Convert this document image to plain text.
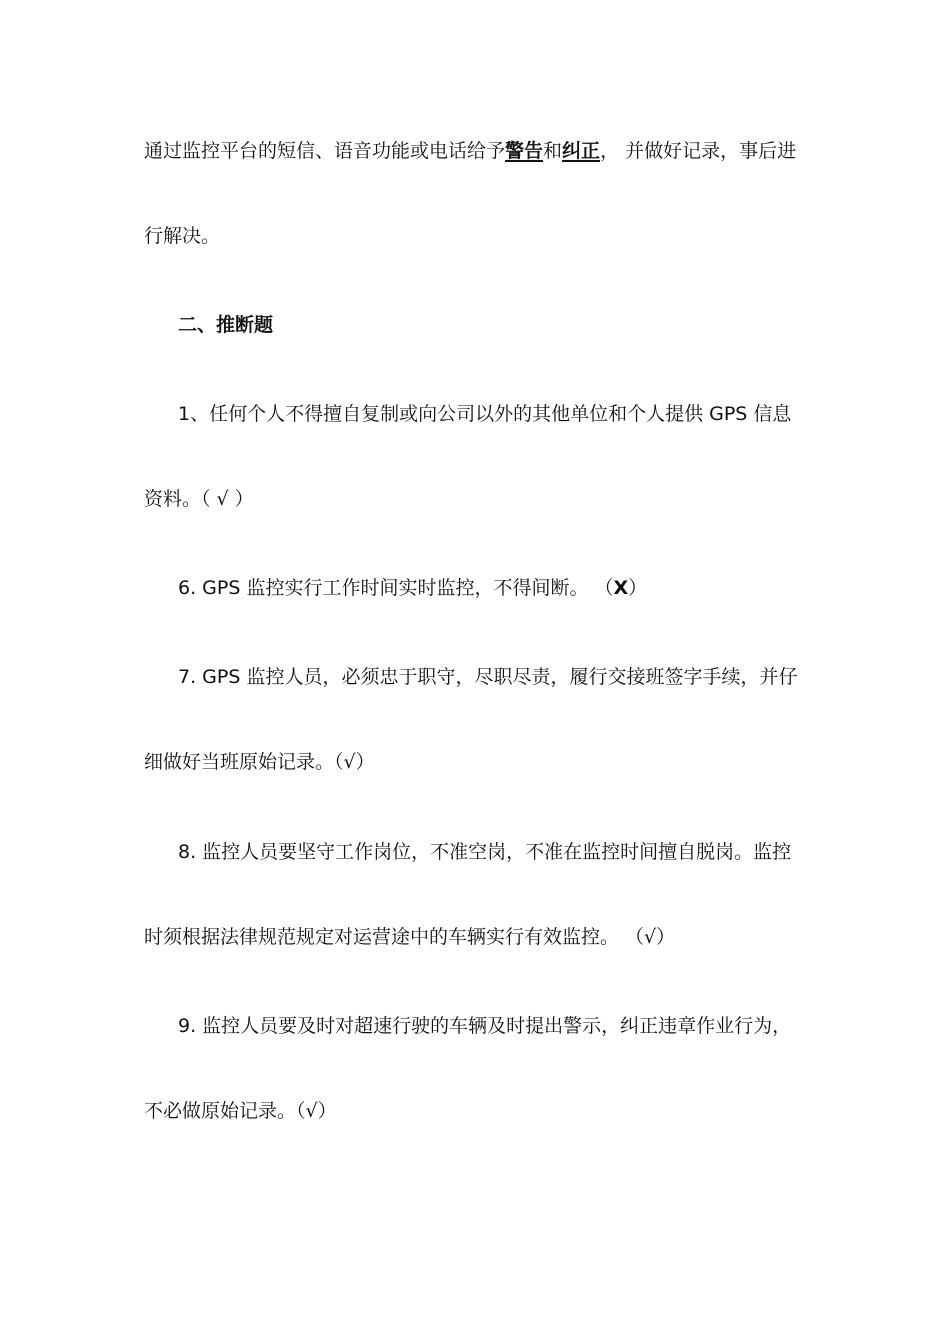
通过监控平台的短信、语音功能或电话给予警告和纠正， 并做好记录，事后进
行解决。
二、推断题
1、任何个人不得擅自复制或向公司以外的其他单位和个人提供 GPS 信息
资料。（ √ ）
6. GPS 监控实行工作时间实时监控，不得间断。 （X）
7. GPS 监控人员，必须忠于职守，尽职尽责，履行交接班签字手续，并仔
细做好当班原始记录。（√）
8. 监控人员要坚守工作岗位，不准空岗，不准在监控时间擅自脱岗。监控
时须根据法律规范规定对运营途中的车辆实行有效监控。 （√）
9. 监控人员要及时对超速行驶的车辆及时提出警示，纠正违章作业行为，
不必做原始记录。（√）
